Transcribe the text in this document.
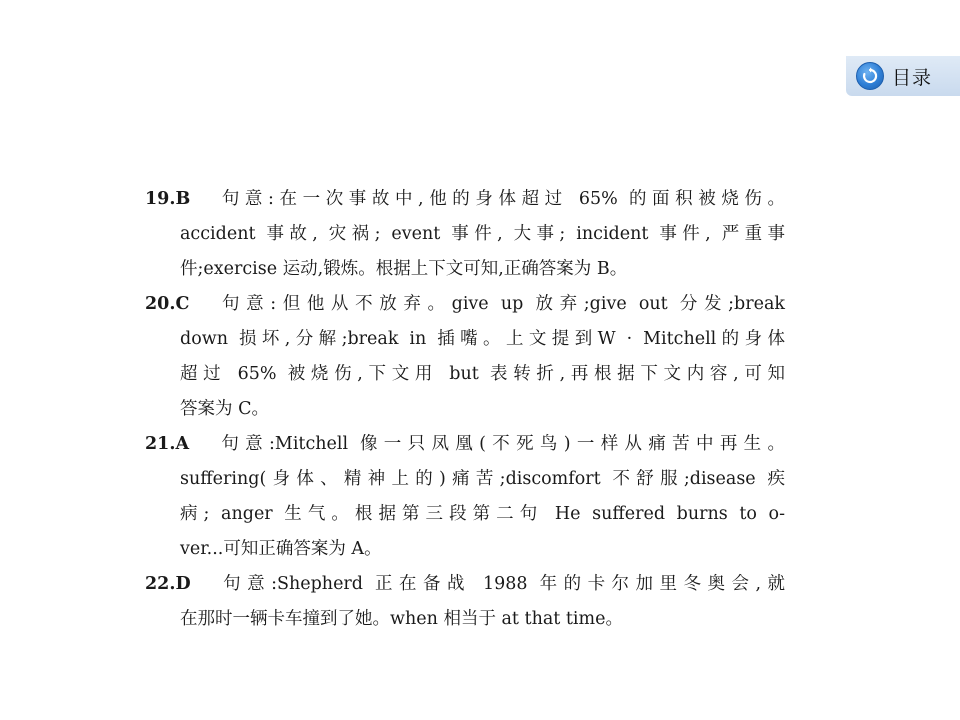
目录

19.B 句意:在一次事故中,他的身体超过 65% 的面积被烧伤。

accident 事故, 灾祸; event 事件, 大事; incident 事件, 严重事

件;exercise 运动,锻炼。根据上下文可知,正确答案为 B。

20.C 句意:但他从不放弃。give up 放弃;give out 分发;break

down 损坏,分解;break in 插嘴。上文提到W · Mitchell的身体

超过 65% 被烧伤,下文用 but 表转折,再根据下文内容,可知

答案为 C。

21.A 句意:Mitchell 像一只凤凰(不死鸟)一样从痛苦中再生。

suffering(身体、精神上的)痛苦;discomfort 不舒服;disease 疾

病; anger 生气。根据第三段第二句 He suffered burns to o-

ver...可知正确答案为 A。

22.D 句意:Shepherd 正在备战 1988 年的卡尔加里冬奥会,就

在那时一辆卡车撞到了她。when 相当于 at that time。
